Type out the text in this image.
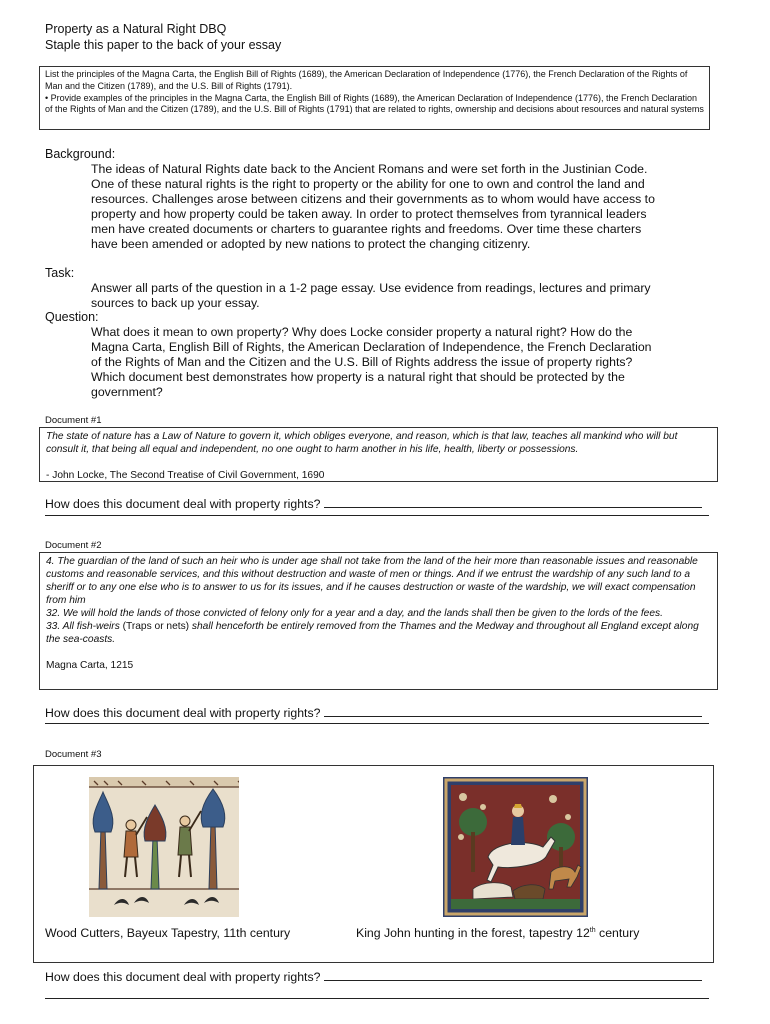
Property as a Natural Right DBQ
Staple this paper to the back of your essay
List the principles of the Magna Carta, the English Bill of Rights (1689), the American Declaration of Independence (1776), the French Declaration of the Rights of Man and the Citizen (1789), and the U.S. Bill of Rights (1791).
• Provide examples of the principles in the Magna Carta, the English Bill of Rights (1689), the American Declaration of Independence (1776), the French Declaration of the Rights of Man and the Citizen (1789), and the U.S. Bill of Rights (1791) that are related to rights, ownership and decisions about resources and natural systems
Background:
The ideas of Natural Rights date back to the Ancient Romans and were set forth in the Justinian Code. One of these natural rights is the right to property or the ability for one to own and control the land and resources. Challenges arose between citizens and their governments as to whom would have access to property and how property could be taken away. In order to protect themselves from tyrannical leaders men have created documents or charters to guarantee rights and freedoms. Over time these charters have been amended or adopted by new nations to protect the changing citizenry.
Task:
Answer all parts of the question in a 1-2 page essay. Use evidence from readings, lectures and primary sources to back up your essay.
Question:
What does it mean to own property? Why does Locke consider property a natural right? How do the Magna Carta, English Bill of Rights, the American Declaration of Independence, the French Declaration of the Rights of Man and the Citizen and the U.S. Bill of Rights address the issue of property rights? Which document best demonstrates how property is a natural right that should be protected by the government?
Document #1

The state of nature has a Law of Nature to govern it, which obliges everyone, and reason, which is that law, teaches all mankind who will but consult it, that being all equal and independent, no one ought to harm another in his life, health, liberty or possessions.

- John Locke, The Second Treatise of Civil Government, 1690

How does this document deal with property rights?
Document #2

4. The guardian of the land of such an heir who is under age shall not take from the land of the heir more than reasonable issues and reasonable customs and reasonable services, and this without destruction and waste of men or things. And if we entrust the wardship of any such land to a sheriff or to any one else who is to answer to us for its issues, and if he causes destruction or waste of the wardship, we will exact compensation from him

32. We will hold the lands of those convicted of felony only for a year and a day, and the lands shall then be given to the lords of the fees.

33. All fish-weirs (Traps or nets) shall henceforth be entirely removed from the Thames and the Medway and throughout all England except along the sea-coasts.

Magna Carta, 1215

How does this document deal with property rights?
Document #3
Wood Cutters, Bayeux Tapestry, 11th century	King John hunting in the forest, tapestry 12th century
How does this document deal with property rights?
